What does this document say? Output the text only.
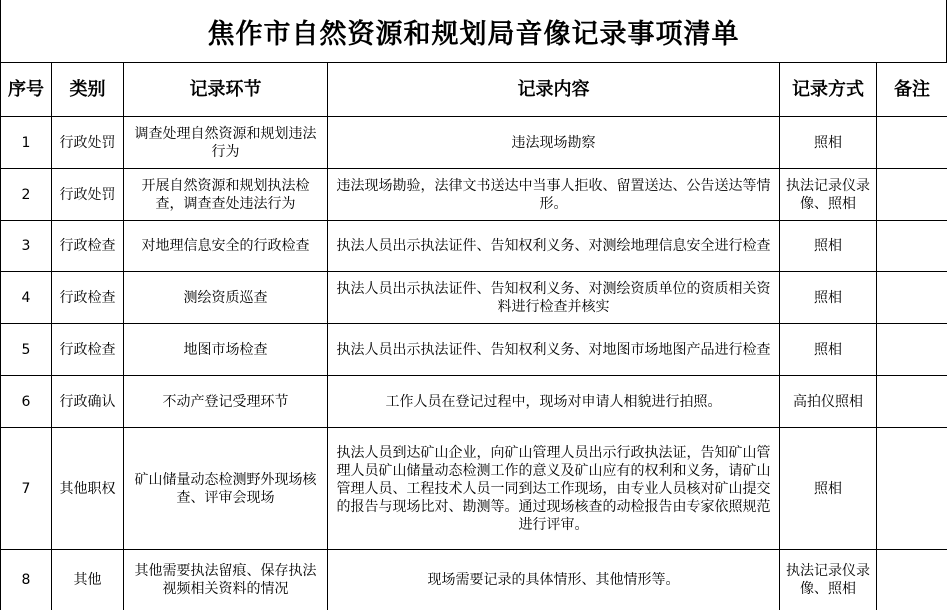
焦作市自然资源和规划局音像记录事项清单
序号	类别	记录环节	记录内容	记录方式	备注
1	行政处罚	调查处理自然资源和规划违法行为	违法现场勘察	照相	
2	行政处罚	开展自然资源和规划执法检查，调查查处违法行为	违法现场勘验，法律文书送达中当事人拒收、留置送达、公告送达等情形。	执法记录仪录像、照相	
3	行政检查	对地理信息安全的行政检查	执法人员出示执法证件、告知权利义务、对测绘地理信息安全进行检查	照相	
4	行政检查	测绘资质巡查	执法人员出示执法证件、告知权利义务、对测绘资质单位的资质相关资料进行检查并核实	照相	
5	行政检查	地图市场检查	执法人员出示执法证件、告知权利义务、对地图市场地图产品进行检查	照相	
6	行政确认	不动产登记受理环节	工作人员在登记过程中，现场对申请人相貌进行拍照。	高拍仪照相	
7	其他职权	矿山储量动态检测野外现场核查、评审会现场	执法人员到达矿山企业，向矿山管理人员出示行政执法证，告知矿山管理人员矿山储量动态检测工作的意义及矿山应有的权利和义务，请矿山管理人员、工程技术人员一同到达工作现场，由专业人员核对矿山提交的报告与现场比对、勘测等。通过现场核查的动检报告由专家依照规范进行评审。	照相	
8	其他	其他需要执法留痕、保存执法视频相关资料的情况	现场需要记录的具体情形、其他情形等。	执法记录仪录像、照相	
